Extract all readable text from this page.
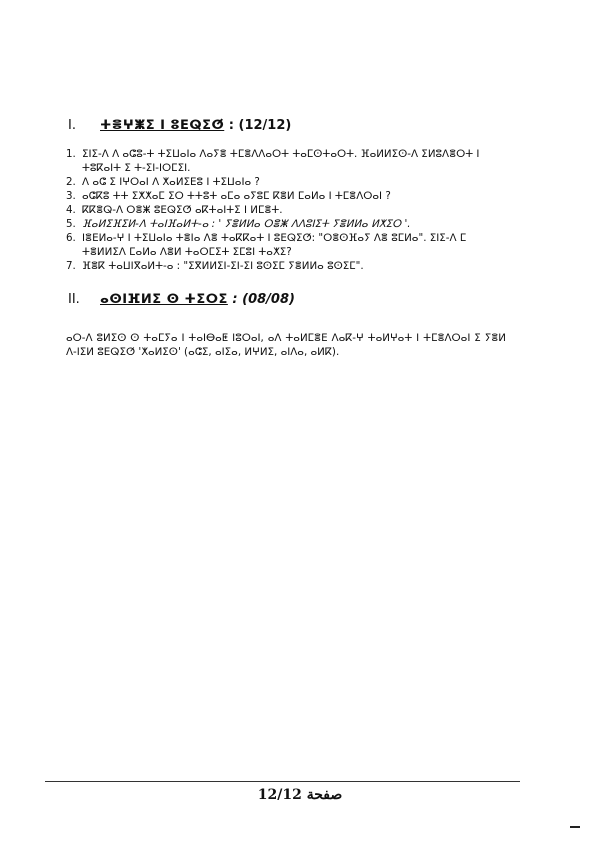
I. ⵜⴻⵖⵥⵉ ⵏ ⵓⴹⵕⵉⵚ : (12/12)
1. ⵉⵏⵉ-ⴷ ⴷ ⴰⵛⵓ-ⵜ ⵜⵉⵡⴰⵏⴰ ⴷⴰⵢⴻ ⵜⵎⴻⴷⴷⴰⵔⵜ ⵜⴰⵎⵙⵜⴰⵔⵜ. ⴼⴰⵍⵍⵉⵙ-ⴷ ⵉⵍⵓⴷⴻⵔⵜ ⵏ ⵜⵓⴽⴰⵏⵜ ⵉ ⵜ-ⵉⵏ-ⵏⵔⵎⵉⵏ.
2. ⴷ ⴰⵛ ⵉ ⵏⵖⵔⴰⵏ ⴷ ⵅⴰⵍⵉⴹⵓ ⵏ ⵜⵉⵡⴰⵏⴰ ?
3. ⴰⵛⴽⵓ ⵜⵜ ⵉⵅⵅⴰⵎ ⵉⵔ ⵜⵜⵓⵜ ⴰⵎⴰ ⴰⵢⵓⵎ ⴽⴻⵍ ⵎⴰⵍⴰ ⵏ ⵜⵎⴻⴷⵔⴰⵏ ?
4. ⴽⴽⴻⵕ-ⴷ ⵔⴻⵥ ⵓⴹⵕⵉⵚ ⴰⴽⵜⴰⵏⵜⵉ ⵏ ⵍⵎⴻⵜ.
5. ⴼⴰⵍⵉⴼⵉⵍ-ⴷ ⵜⴰⵏⴼⴰⵍⵜ-ⴰ : ' ⵢⴻⵍⵍⴰ ⵔⴻⵥ ⴷⴷⵓⵏⵉⵜ ⵢⴻⵍⵍⴰ ⵍⵅⵉⵔ '.
6. ⵏⴻⴹⵍⴰ-ⵖ ⵏ ⵜⵉⵡⴰⵏⴰ ⵜⴻⵏⴰ ⴷⴻ ⵜⴰⴽⴽⴰⵜ ⵏ ⵓⴹⵕⵉⵚ: "ⵔⴻⵙⴼⴰⵢ ⴷⴻ ⵓⵎⵍⴰ". ⵉⵏⵉ-ⴷ ⵎ ⵜⴻⵍⵍⵉⴷ ⵎⴰⵍⴰ ⴷⴻⵍ ⵜⴰⵔⵎⵉⵜ ⵉⵎⵓⵏ ⵜⴰⵅⵉ?
7. ⴼⴻⴽ ⵜⴰⵡⵏⴳⴰⵍⵜ-ⴰ : "ⵉⴳⵍⵍⵉⵏ-ⵉⵏ-ⵉⵏ ⵓⵙⵉⵎ ⵢⴻⵍⵍⴰ ⵓⵙⵉⵎ".
II. ⴰⵙⵏⴼⵍⵉ ⵙ ⵜⵉⵔⵉ : (08/08)

ⴰⵔ-ⴷ ⵓⵍⵉⵙ ⵙ ⵜⴰⵎⵢⴰ ⵏ ⵜⴰⵏⴱⴰⵟ ⵏⵓⵔⴰⵏ, ⴰⴷ ⵜⴰⵍⵎⴻⴹ ⴷⴰⴽ-ⵖ ⵜⴰⵍⵖⴰⵜ ⵏ ⵜⵎⴻⴷⵔⴰⵏ ⵉ ⵢⴻⵍ ⴷ-ⵏⵉⵍ ⵓⴹⵕⵉⵚ 'ⵅⴰⵍⵉⵙ' (ⴰⵛⵉ, ⴰⵏⵉⴰ, ⵍⵖⵍⵉ, ⴰⵏⴷⴰ, ⴰⵍⴽ).

12/12 صفحة
